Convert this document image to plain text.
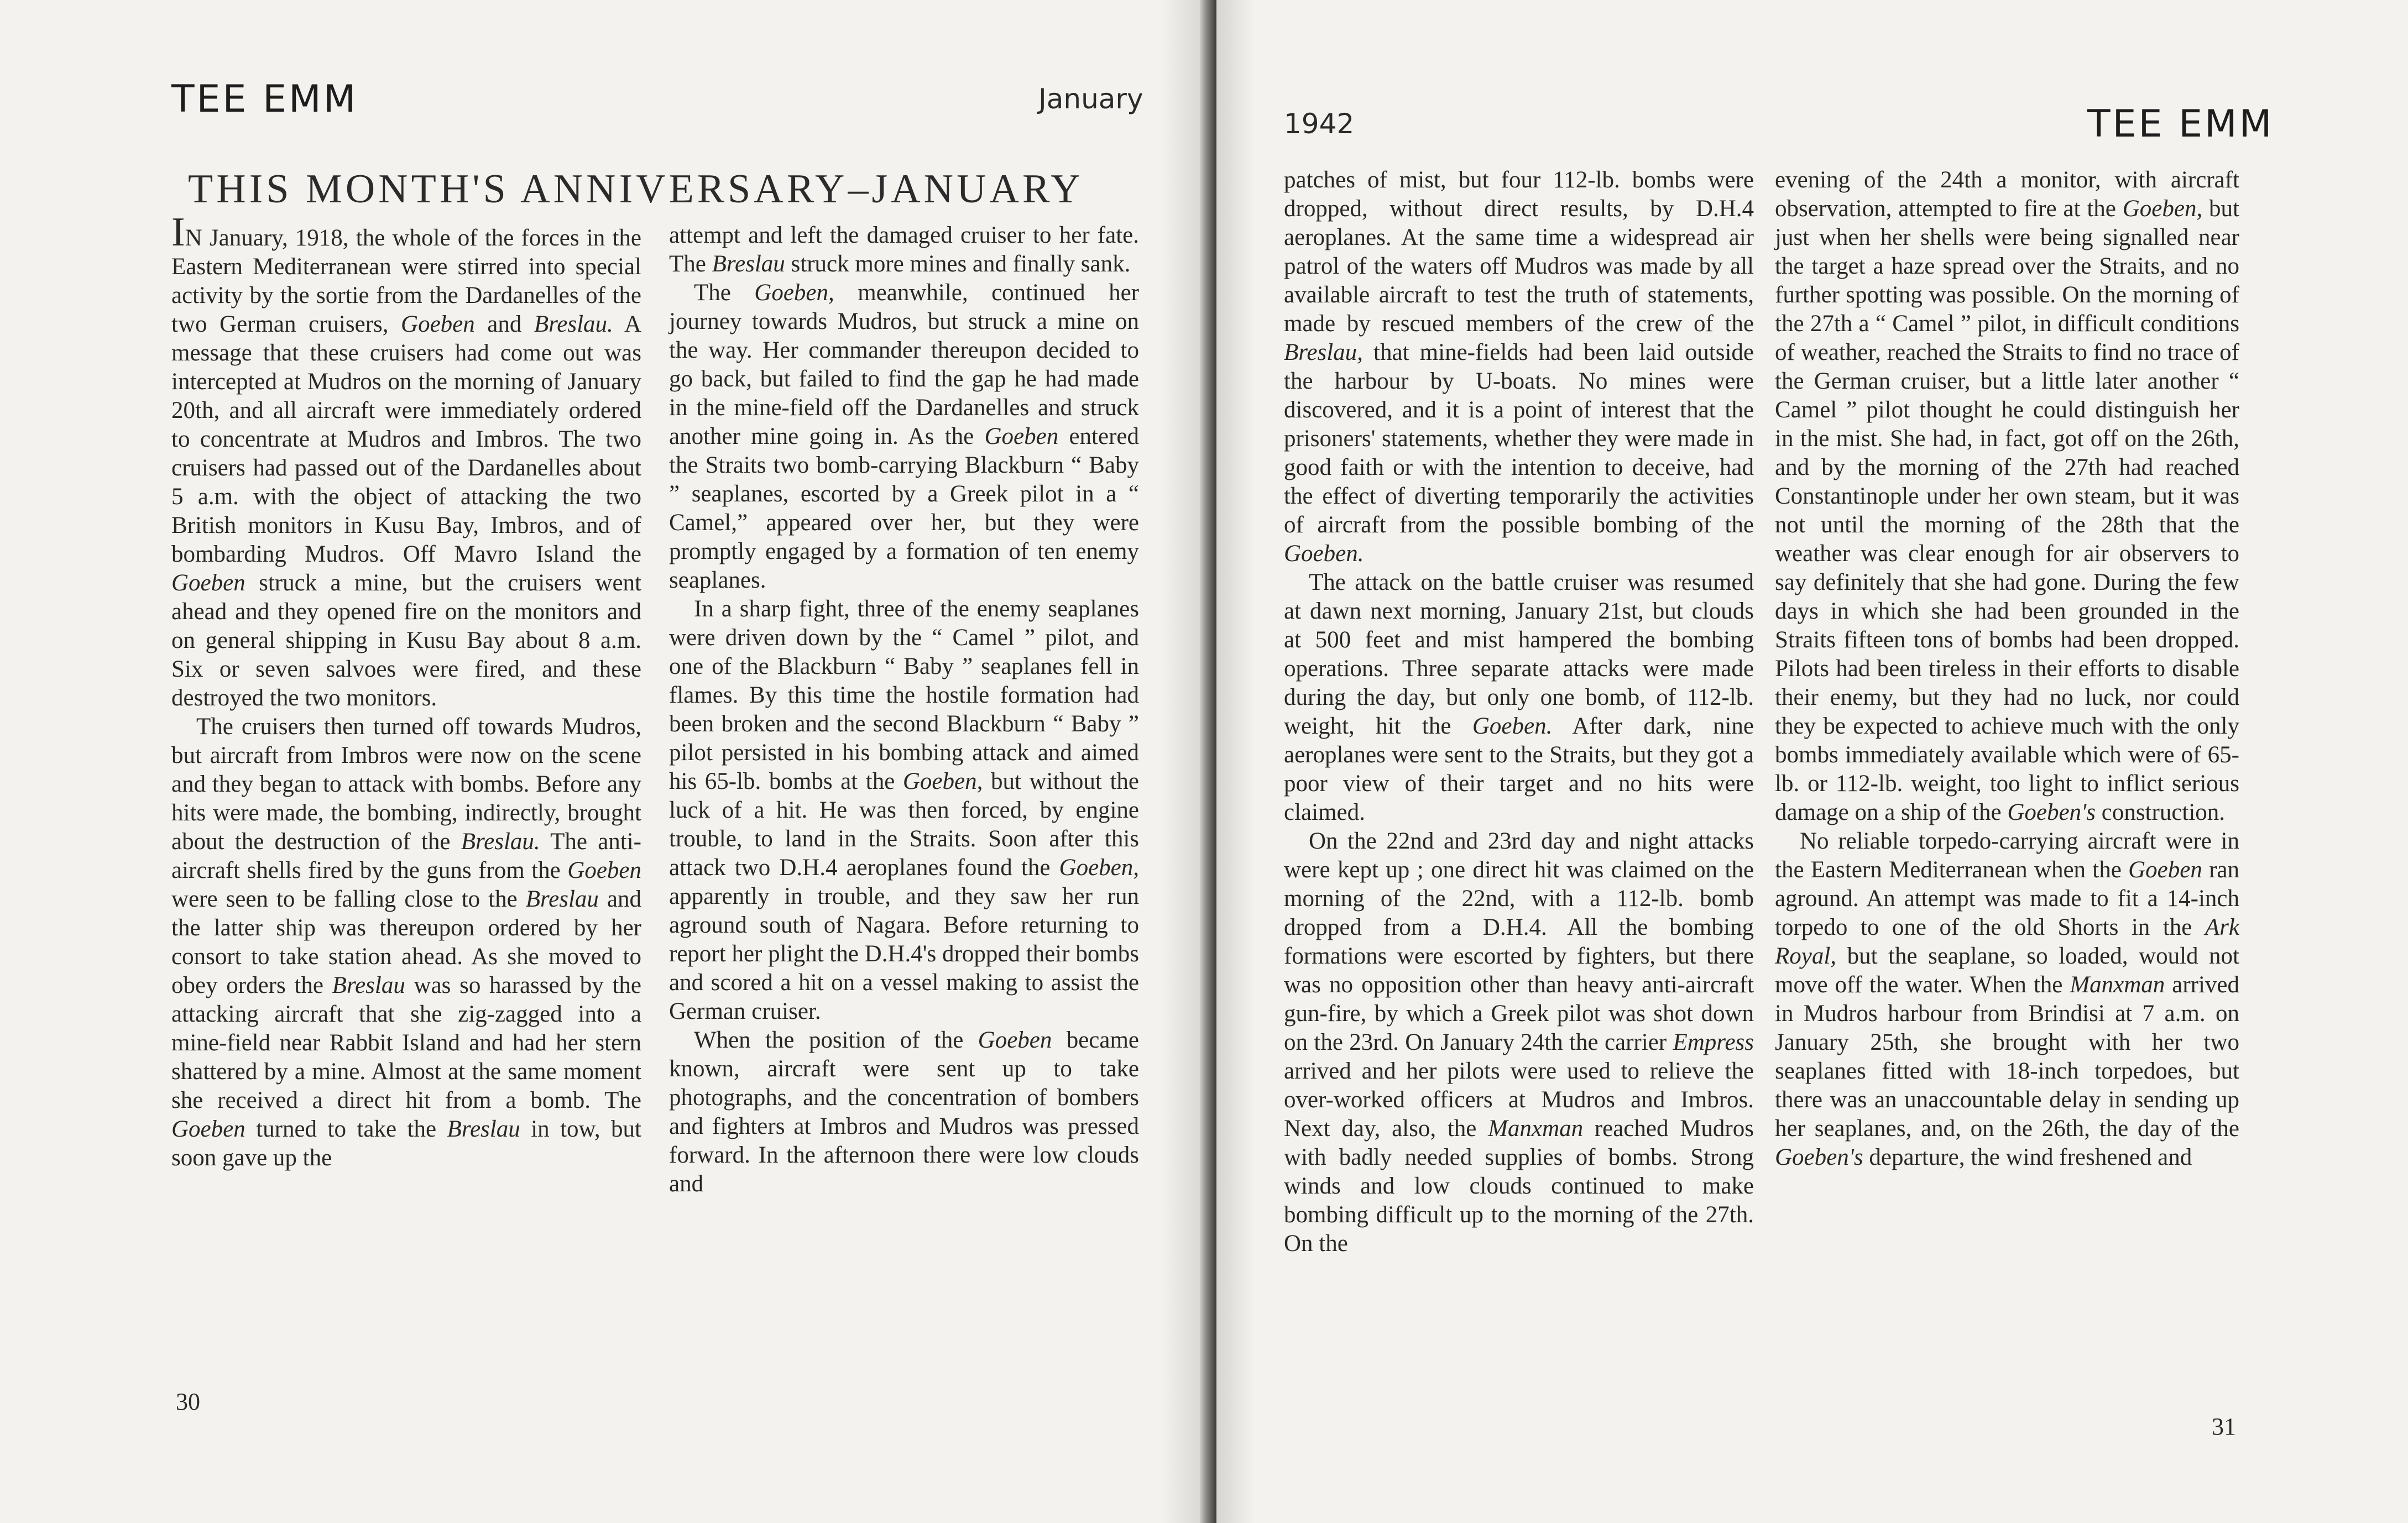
TEE EMM	January
THIS MONTH'S ANNIVERSARY–JANUARY

IN January, 1918, the whole of the forces in the Eastern Mediterranean were stirred into special activity by the sortie from the Dardanelles of the two German cruisers, Goeben and Breslau. A message that these cruisers had come out was intercepted at Mudros on the morning of January 20th, and all aircraft were immediately ordered to concentrate at Mudros and Imbros. The two cruisers had passed out of the Dardanelles about 5 a.m. with the object of attacking the two British monitors in Kusu Bay, Imbros, and of bombarding Mudros. Off Mavro Island the Goeben struck a mine, but the cruisers went ahead and they opened fire on the monitors and on general shipping in Kusu Bay about 8 a.m. Six or seven salvoes were fired, and these destroyed the two monitors.

The cruisers then turned off towards Mudros, but aircraft from Imbros were now on the scene and they began to attack with bombs. Before any hits were made, the bombing, indirectly, brought about the destruction of the Breslau. The anti-aircraft shells fired by the guns from the Goeben were seen to be falling close to the Breslau and the latter ship was thereupon ordered by her consort to take station ahead. As she moved to obey orders the Breslau was so harassed by the attacking aircraft that she zig-zagged into a mine-field near Rabbit Island and had her stern shattered by a mine. Almost at the same moment she received a direct hit from a bomb. The Goeben turned to take the Breslau in tow, but soon gave up the

attempt and left the damaged cruiser to her fate. The Breslau struck more mines and finally sank.

The Goeben, meanwhile, continued her journey towards Mudros, but struck a mine on the way. Her commander thereupon decided to go back, but failed to find the gap he had made in the mine-field off the Dardanelles and struck another mine going in. As the Goeben entered the Straits two bomb-carrying Blackburn “ Baby ” seaplanes, escorted by a Greek pilot in a “ Camel,” appeared over her, but they were promptly engaged by a formation of ten enemy seaplanes.

In a sharp fight, three of the enemy seaplanes were driven down by the “ Camel ” pilot, and one of the Blackburn “ Baby ” seaplanes fell in flames. By this time the hostile formation had been broken and the second Blackburn “ Baby ” pilot persisted in his bombing attack and aimed his 65-lb. bombs at the Goeben, but without the luck of a hit. He was then forced, by engine trouble, to land in the Straits. Soon after this attack two D.H.4 aeroplanes found the Goeben, apparently in trouble, and they saw her run aground south of Nagara. Before returning to report her plight the D.H.4's dropped their bombs and scored a hit on a vessel making to assist the German cruiser.

When the position of the Goeben became known, aircraft were sent up to take photographs, and the concentration of bombers and fighters at Imbros and Mudros was pressed forward. In the afternoon there were low clouds and

30
1942	TEE EMM

patches of mist, but four 112-lb. bombs were dropped, without direct results, by D.H.4 aeroplanes. At the same time a widespread air patrol of the waters off Mudros was made by all available aircraft to test the truth of statements, made by rescued members of the crew of the Breslau, that mine-fields had been laid outside the harbour by U-boats. No mines were discovered, and it is a point of interest that the prisoners' statements, whether they were made in good faith or with the intention to deceive, had the effect of diverting temporarily the activities of aircraft from the possible bombing of the Goeben.

The attack on the battle cruiser was resumed at dawn next morning, January 21st, but clouds at 500 feet and mist hampered the bombing operations. Three separate attacks were made during the day, but only one bomb, of 112-lb. weight, hit the Goeben. After dark, nine aeroplanes were sent to the Straits, but they got a poor view of their target and no hits were claimed.

On the 22nd and 23rd day and night attacks were kept up ; one direct hit was claimed on the morning of the 22nd, with a 112-lb. bomb dropped from a D.H.4. All the bombing formations were escorted by fighters, but there was no opposition other than heavy anti-aircraft gun-fire, by which a Greek pilot was shot down on the 23rd. On January 24th the carrier Empress arrived and her pilots were used to relieve the over-worked officers at Mudros and Imbros. Next day, also, the Manxman reached Mudros with badly needed supplies of bombs. Strong winds and low clouds continued to make bombing difficult up to the morning of the 27th. On the

evening of the 24th a monitor, with aircraft observation, attempted to fire at the Goeben, but just when her shells were being signalled near the target a haze spread over the Straits, and no further spotting was possible. On the morning of the 27th a “ Camel ” pilot, in difficult conditions of weather, reached the Straits to find no trace of the German cruiser, but a little later another “ Camel ” pilot thought he could distinguish her in the mist. She had, in fact, got off on the 26th, and by the morning of the 27th had reached Constantinople under her own steam, but it was not until the morning of the 28th that the weather was clear enough for air observers to say definitely that she had gone. During the few days in which she had been grounded in the Straits fifteen tons of bombs had been dropped. Pilots had been tireless in their efforts to disable their enemy, but they had no luck, nor could they be expected to achieve much with the only bombs immediately available which were of 65-lb. or 112-lb. weight, too light to inflict serious damage on a ship of the Goeben's construction.

No reliable torpedo-carrying aircraft were in the Eastern Mediterranean when the Goeben ran aground. An attempt was made to fit a 14-inch torpedo to one of the old Shorts in the Ark Royal, but the seaplane, so loaded, would not move off the water. When the Manxman arrived in Mudros harbour from Brindisi at 7 a.m. on January 25th, she brought with her two seaplanes fitted with 18-inch torpedoes, but there was an unaccountable delay in sending up her seaplanes, and, on the 26th, the day of the Goeben's departure, the wind freshened and

31
